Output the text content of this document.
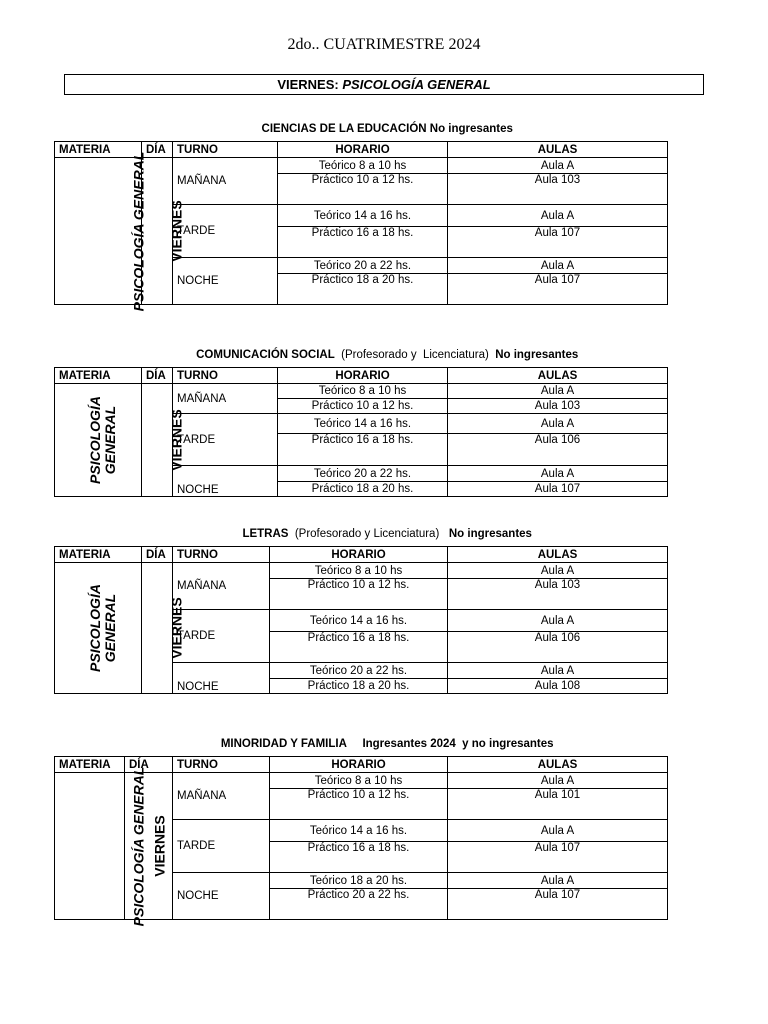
2do.. CUATRIMESTRE 2024
VIERNES: PSICOLOGÍA GENERAL

CIENCIAS DE LA EDUCACIÓN No ingresantes

MATERIA	DÍA	TURNO	HORARIO	AULAS

PSICOLOGÍA GENERAL	VIERNES	MAÑANA	Teórico 8 a 10 hs	Aula A
			Práctico 10 a 12 hs.	Aula 103
		TARDE	Teórico 14 a 16 hs.	Aula A
			Práctico 16 a 18 hs.	Aula 107
		NOCHE	Teórico 20 a 22 hs.	Aula A
			Práctico 18 a 20 hs.	Aula 107

COMUNICACIÓN SOCIAL  (Profesorado y  Licenciatura)  No ingresantes

MATERIA	DÍA	TURNO	HORARIO	AULAS

PSICOLOGÍA GENERAL	VIERNES	MAÑANA	Teórico 8 a 10 hs	Aula A
			Práctico 10 a 12 hs.	Aula 103
		TARDE	Teórico 14 a 16 hs.	Aula A
			Práctico 16 a 18 hs.	Aula 106
		NOCHE	Teórico 20 a 22 hs.	Aula A
			Práctico 18 a 20 hs.	Aula 107

LETRAS  (Profesorado y Licenciatura)   No ingresantes

MATERIA	DÍA	TURNO	HORARIO	AULAS

PSICOLOGÍA GENERAL	VIERNES	MAÑANA	Teórico 8 a 10 hs	Aula A
			Práctico 10 a 12 hs.	Aula 103
		TARDE	Teórico 14 a 16 hs.	Aula A
			Práctico 16 a 18 hs.	Aula 106
		NOCHE	Teórico 20 a 22 hs.	Aula A
			Práctico 18 a 20 hs.	Aula 108

MINORIDAD Y FAMILIA     Ingresantes 2024  y no ingresantes

MATERIA	DÍA	TURNO	HORARIO	AULAS

PSICOLOGÍA GENERAL	VIERNES	MAÑANA	Teórico 8 a 10 hs	Aula A
			Práctico 10 a 12 hs.	Aula 101
		TARDE	Teórico 14 a 16 hs.	Aula A
			Práctico 16 a 18 hs.	Aula 107
		NOCHE	Teórico 18 a 20 hs.	Aula A
			Práctico 20 a 22 hs.	Aula 107
